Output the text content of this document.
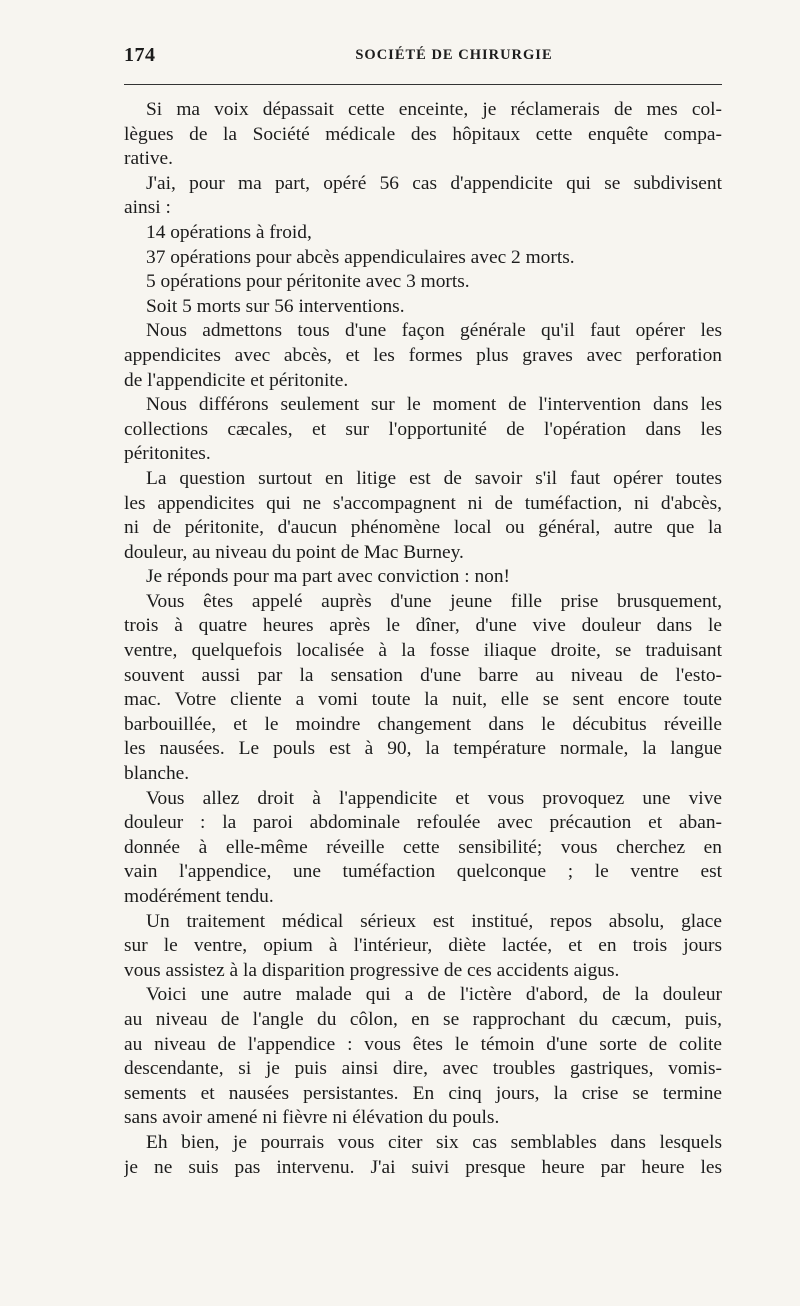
174	SOCIÉTÉ DE CHIRURGIE
Si ma voix dépassait cette enceinte, je réclamerais de mes col-
lègues de la Société médicale des hôpitaux cette enquête compa-
rative.
J'ai, pour ma part, opéré 56 cas d'appendicite qui se subdivisent
ainsi :
14 opérations à froid,
37 opérations pour abcès appendiculaires avec 2 morts.
5 opérations pour péritonite avec 3 morts.
Soit 5 morts sur 56 interventions.
Nous admettons tous d'une façon générale qu'il faut opérer les
appendicites avec abcès, et les formes plus graves avec perforation
de l'appendicite et péritonite.
Nous différons seulement sur le moment de l'intervention dans les
collections cæcales, et sur l'opportunité de l'opération dans les
péritonites.
La question surtout en litige est de savoir s'il faut opérer toutes
les appendicites qui ne s'accompagnent ni de tuméfaction, ni d'abcès,
ni de péritonite, d'aucun phénomène local ou général, autre que la
douleur, au niveau du point de Mac Burney.
Je réponds pour ma part avec conviction : non!
Vous êtes appelé auprès d'une jeune fille prise brusquement,
trois à quatre heures après le dîner, d'une vive douleur dans le
ventre, quelquefois localisée à la fosse iliaque droite, se traduisant
souvent aussi par la sensation d'une barre au niveau de l'esto-
mac. Votre cliente a vomi toute la nuit, elle se sent encore toute
barbouillée, et le moindre changement dans le décubitus réveille
les nausées. Le pouls est à 90, la température normale, la langue
blanche.
Vous allez droit à l'appendicite et vous provoquez une vive
douleur : la paroi abdominale refoulée avec précaution et aban-
donnée à elle-même réveille cette sensibilité; vous cherchez en
vain l'appendice, une tuméfaction quelconque ; le ventre est
modérément tendu.
Un traitement médical sérieux est institué, repos absolu, glace
sur le ventre, opium à l'intérieur, diète lactée, et en trois jours
vous assistez à la disparition progressive de ces accidents aigus.
Voici une autre malade qui a de l'ictère d'abord, de la douleur
au niveau de l'angle du côlon, en se rapprochant du cæcum, puis,
au niveau de l'appendice : vous êtes le témoin d'une sorte de colite
descendante, si je puis ainsi dire, avec troubles gastriques, vomis-
sements et nausées persistantes. En cinq jours, la crise se termine
sans avoir amené ni fièvre ni élévation du pouls.
Eh bien, je pourrais vous citer six cas semblables dans lesquels
je ne suis pas intervenu. J'ai suivi presque heure par heure les
